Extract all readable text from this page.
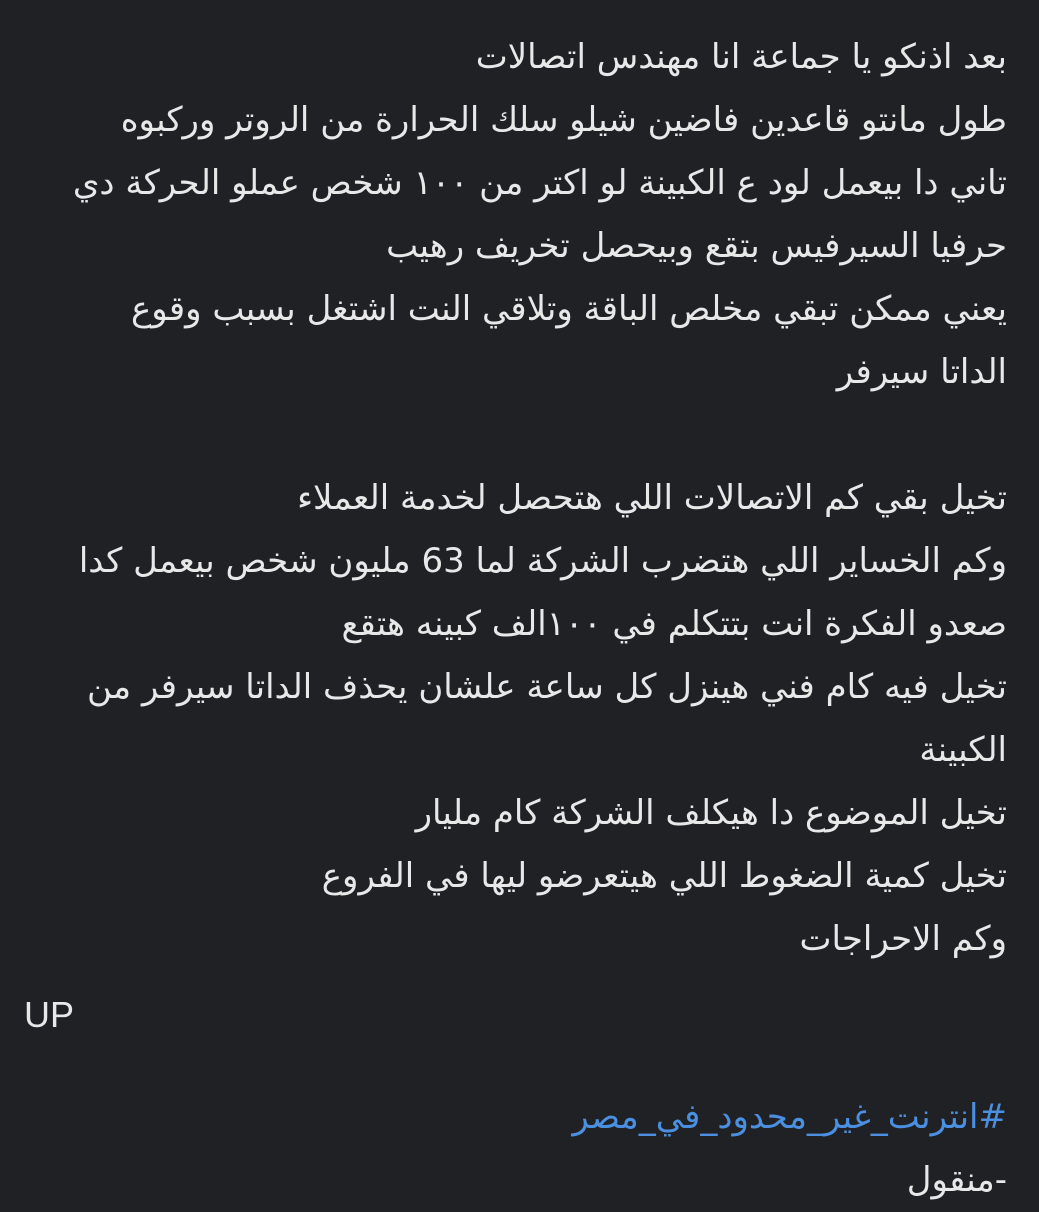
بعد اذنكو يا جماعة انا مهندس اتصالات
طول مانتو قاعدين فاضين شيلو سلك الحرارة من الروتر وركبوه
تاني دا بيعمل لود ع الكبينة لو اكتر من ١٠٠ شخص عملو الحركة دي
حرفيا السيرفيس بتقع وبيحصل تخريف رهيب
يعني ممكن تبقي مخلص الباقة وتلاقي النت اشتغل بسبب وقوع
الداتا سيرفر
تخيل بقي كم الاتصالات اللي هتحصل لخدمة العملاء
وكم الخساير اللي هتضرب الشركة لما 63 مليون شخص بيعمل كدا
صعدو الفكرة انت بتتكلم في ١٠٠الف كبينه هتقع
تخيل فيه كام فني هينزل كل ساعة علشان يحذف الداتا سيرفر من
الكبينة
تخيل الموضوع دا هيكلف الشركة كام مليار
تخيل كمية الضغوط اللي هيتعرضو ليها في الفروع
وكم الاحراجات
UP
#انترنت_غير_محدود_في_مصر
-منقول
